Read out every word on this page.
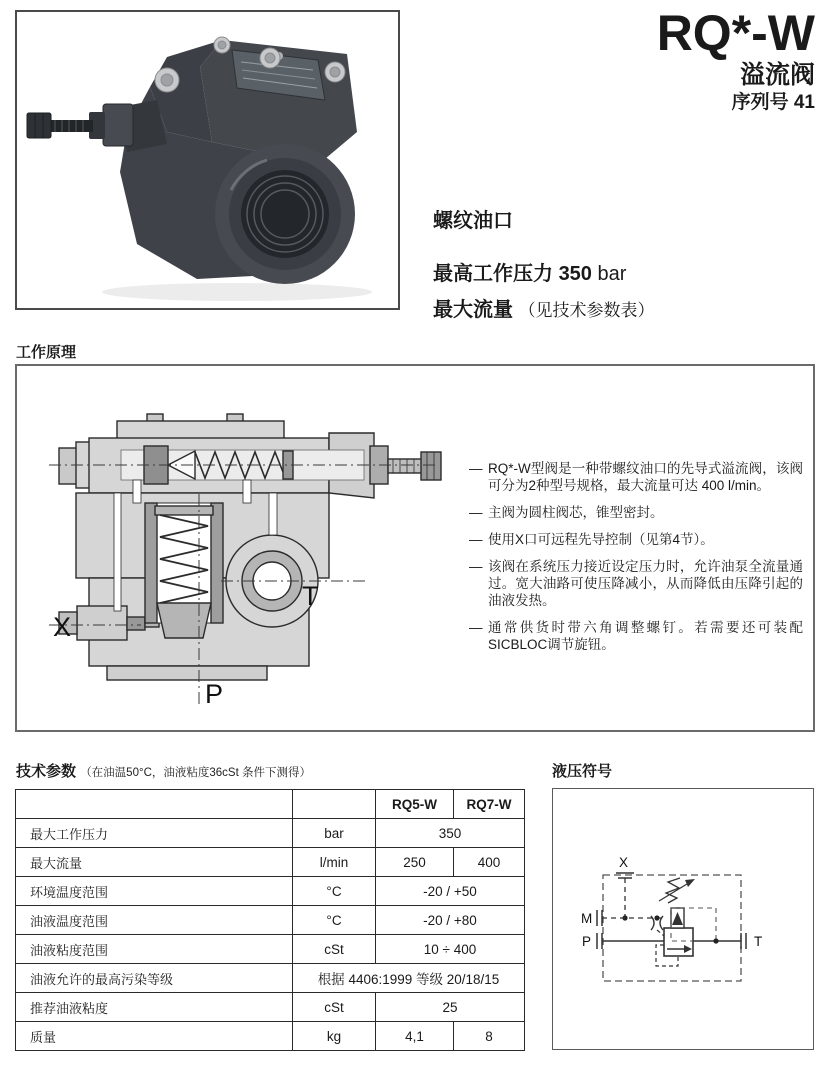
RQ*-W
溢流阀
序列号 41
螺纹油口
最高工作压力 350 bar
最大流量 （见技术参数表）
工作原理
X
T
P
— RQ*-W型阀是一种带螺纹油口的先导式溢流阀，该阀可分为2种型号规格，最大流量可达 400 l/min。
— 主阀为圆柱阀芯，锥型密封。
— 使用X口可远程先导控制（见第4节）。
— 该阀在系统压力接近设定压力时，允许油泵全流量通过。宽大油路可使压降减小，从而降低由压降引起的油液发热。
— 通常供货时带六角调整螺钉。若需要还可装配SICBLOC调节旋钮。
技术参数 （在油温50°C，油液粘度36cSt 条件下测得）
		RQ5-W	RQ7-W
最大工作压力	bar	350	
最大流量	l/min	250	400
环境温度范围	°C	-20 / +50	
油液温度范围	°C	-20 / +80	
油液粘度范围	cSt	10 ÷ 400	
油液允许的最高污染等级	根据 4406:1999 等级 20/18/15		
推荐油液粘度	cSt	25	
质量	kg	4,1	8
液压符号
X
M
P	T
